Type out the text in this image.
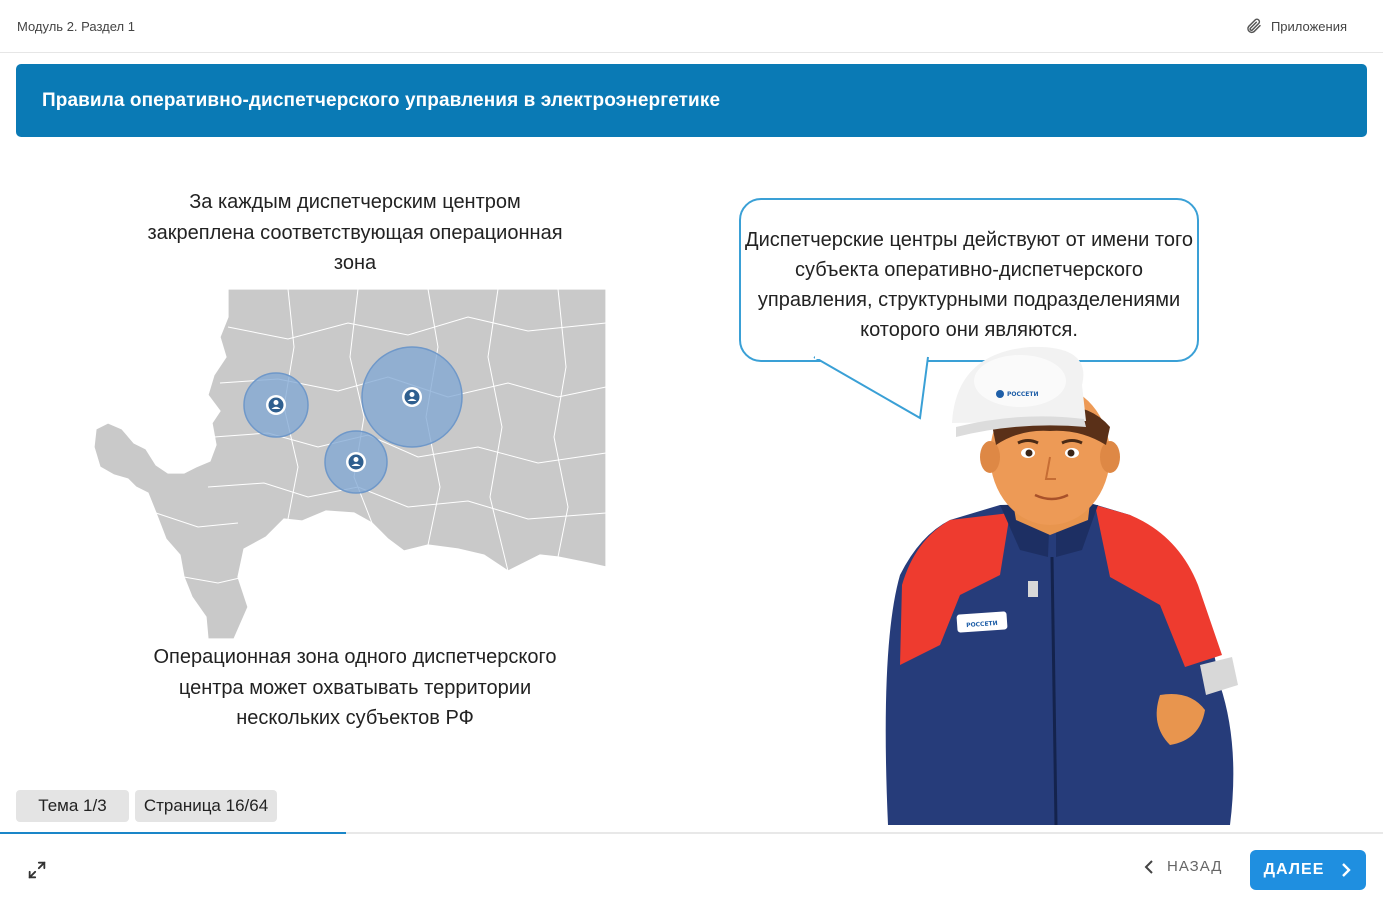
Модуль 2. Раздел 1	Приложения
Правила оперативно-диспетчерского управления в электроэнергетике
За каждым диспетчерским центром закреплена соответствующая операционная зона
Операционная зона одного диспетчерского центра может охватывать территории нескольких субъектов РФ
Диспетчерские центры действуют от имени того субъекта оперативно-диспетчерского управления, структурными подразделениями которого они являются.
РОССЕТИ
РОССЕТИ
Тема 1/3	Страница 16/64
НАЗАД	ДАЛЕЕ
